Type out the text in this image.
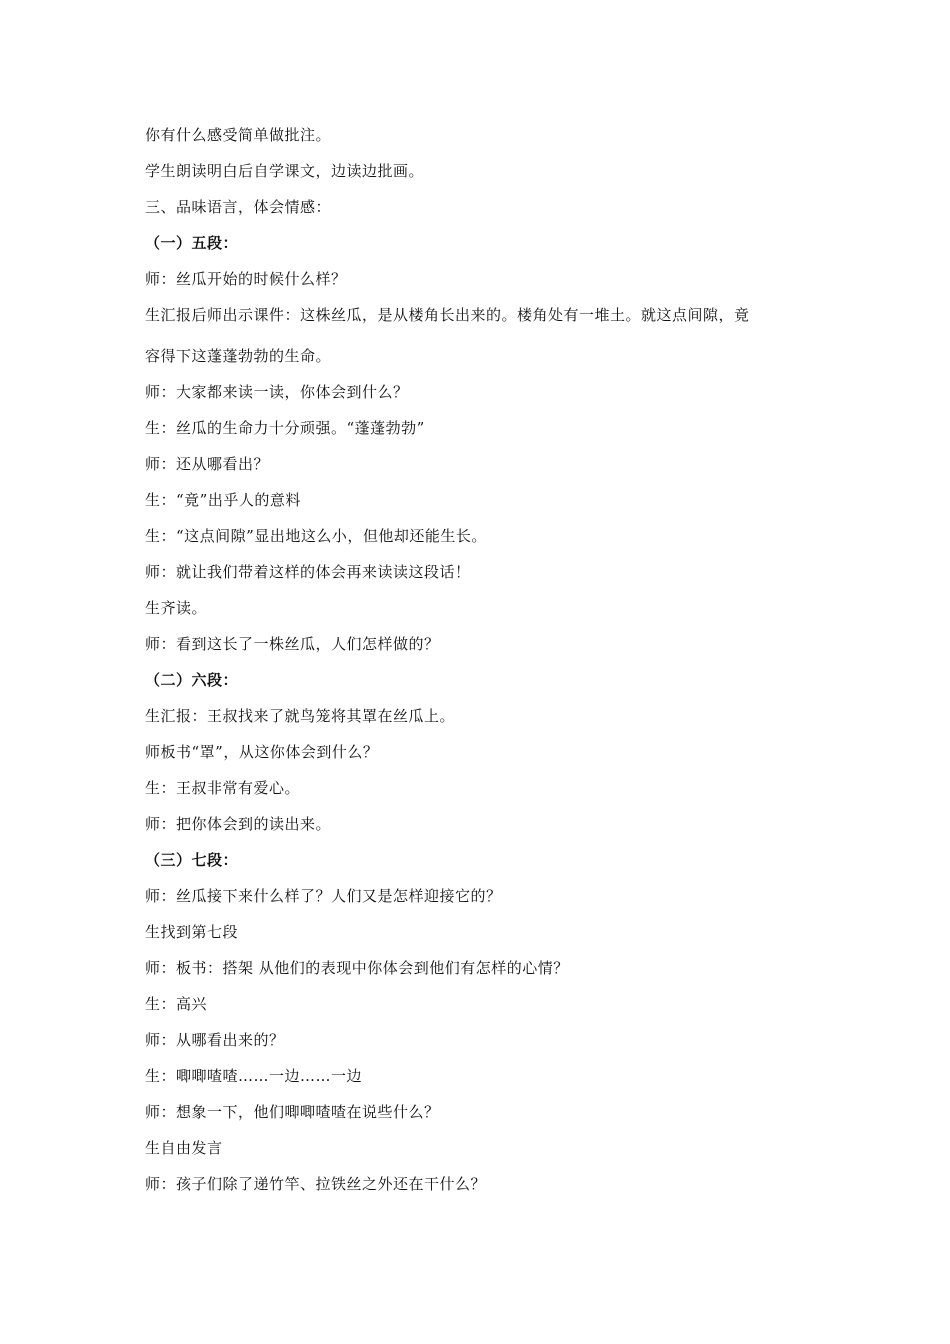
你有什么感受简单做批注。

学生朗读明白后自学课文，边读边批画。

三、品味语言，体会情感：

（一）五段：

师：丝瓜开始的时候什么样？

生汇报后师出示课件：这株丝瓜，是从楼角长出来的。楼角处有一堆土。就这点间隙，竟

容得下这蓬蓬勃勃的生命。

师：大家都来读一读，你体会到什么？

生：丝瓜的生命力十分顽强。“蓬蓬勃勃”

师：还从哪看出？

生：“竟”出乎人的意料

生：“这点间隙”显出地这么小，但他却还能生长。

师：就让我们带着这样的体会再来读读这段话！

生齐读。

师：看到这长了一株丝瓜，人们怎样做的？

（二）六段：

生汇报：王叔找来了就鸟笼将其罩在丝瓜上。

师板书“罩”，从这你体会到什么？

生：王叔非常有爱心。

师：把你体会到的读出来。

（三）七段：

师：丝瓜接下来什么样了？人们又是怎样迎接它的？

生找到第七段

师：板书：搭架 从他们的表现中你体会到他们有怎样的心情？

生：高兴

师：从哪看出来的？

生：唧唧喳喳……一边……一边

师：想象一下，他们唧唧喳喳在说些什么？

生自由发言

师：孩子们除了递竹竿、拉铁丝之外还在干什么？
